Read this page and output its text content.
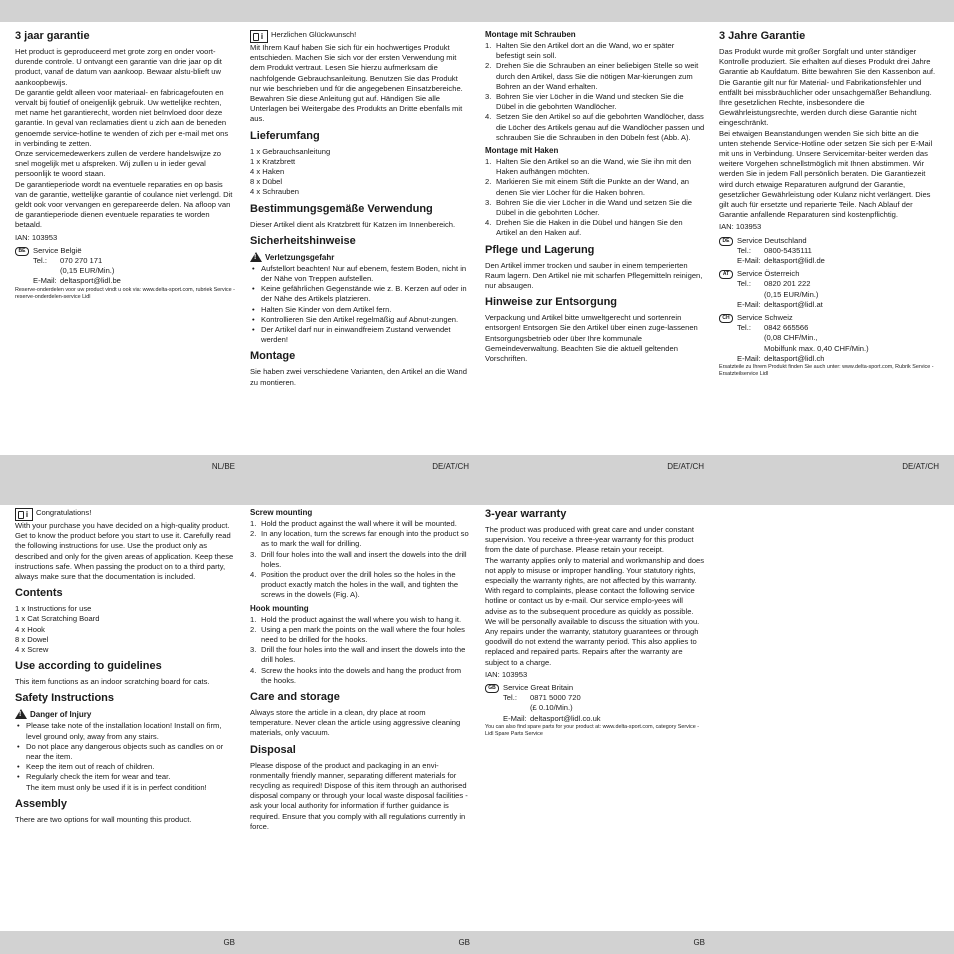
NL/BE	DE/AT/CH	DE/AT/CH	DE/AT/CH
GB	GB	GB
3 jaar garantie

Het product is geproduceerd met grote zorg en onder voort-durende controle. U ontvangt een garantie van drie jaar op dit product, vanaf de datum van aankoop. Bewaar alstu-blieft uw aankoopbewijs.

De garantie geldt alleen voor materiaal- en fabricagefouten en vervalt bij foutief of oneigenlijk gebruik. Uw wettelijke rechten, met name het garantierecht, worden niet beïnvloed door deze garantie. In geval van reclamaties dient u zich aan de beneden genoemde service-hotline te wenden of zich per e-mail met ons in verbinding te zetten.

Onze servicemedewerkers zullen de verdere handelswijze zo snel mogelijk met u afspreken. Wij zullen u in ieder geval persoonlijk te woord staan.

De garantieperiode wordt na eventuele reparaties en op basis van de garantie, wettelijke garantie of coulance niet verlengd. Dit geldt ook voor vervangen en gerepareerde delen. Na afloop van de garantieperiode dienen eventuele reparaties te worden betaald.

IAN: 103953

BE Service België
Tel.:	070 270 171
(0,15 EUR/Min.)
E-Mail: deltasport@lidl.be

Reserve-onderdelen voor uw product vindt u ook via: www.delta-sport.com, rubriek Service - reserve-onderdelen-service Lidl

i Herzlichen Glückwunsch!

Mit Ihrem Kauf haben Sie sich für ein hochwertiges Produkt entschieden. Machen Sie sich vor der ersten Verwendung mit dem Produkt vertraut. Lesen Sie hierzu aufmerksam die nachfolgende Gebrauchsanleitung. Benutzen Sie das Produkt nur wie beschrieben und für die angegebenen Einsatzbereiche. Bewahren Sie diese Anleitung gut auf. Händigen Sie alle Unterlagen bei Weitergabe des Produkts an Dritte ebenfalls mit aus.

Lieferumfang
1 x Gebrauchsanleitung
1 x Kratzbrett
4 x Haken
8 x Dübel
4 x Schrauben
Bestimmungsgemäße Verwendung

Dieser Artikel dient als Kratzbrett für Katzen im Innenbereich.

Sicherheitshinweise
!Verletzungsgefahr
• Aufstellort beachten! Nur auf ebenem, festem Boden, nicht in der Nähe von Treppen aufstellen.
• Keine gefährlichen Gegenstände wie z. B. Kerzen auf oder in der Nähe des Artikels platzieren.
• Halten Sie Kinder von dem Artikel fern.
• Kontrollieren Sie den Artikel regelmäßig auf Abnut-zungen.
• Der Artikel darf nur in einwandfreiem Zustand verwendet werden!
Montage

Sie haben zwei verschiedene Varianten, den Artikel an die Wand zu montieren.

Montage mit Schrauben
1. Halten Sie den Artikel dort an die Wand, wo er später befestigt sein soll.
2. Drehen Sie die Schrauben an einer beliebigen Stelle so weit durch den Artikel, dass Sie die nötigen Mar-kierungen zum Bohren an der Wand erhalten.
3. Bohren Sie vier Löcher in die Wand und stecken Sie die Dübel in die gebohrten Wandlöcher.
4. Setzen Sie den Artikel so auf die gebohrten Wandlöcher, dass die Löcher des Artikels genau auf die Wandlöcher passen und schrauben Sie die Schrauben in den Dübeln fest (Abb. A).
Montage mit Haken
1. Halten Sie den Artikel so an die Wand, wie Sie ihn mit den Haken aufhängen möchten.
2. Markieren Sie mit einem Stift die Punkte an der Wand, an denen Sie vier Löcher für die Haken bohren.
3. Bohren Sie die vier Löcher in die Wand und setzen Sie die Dübel in die gebohrten Löcher.
4. Drehen Sie die Haken in die Dübel und hängen Sie den Artikel an den Haken auf.
Pflege und Lagerung

Den Artikel immer trocken und sauber in einem temperierten Raum lagern. Den Artikel nie mit scharfen Pflegemitteln reinigen, nur absaugen.

Hinweise zur Entsorgung

Verpackung und Artikel bitte umweltgerecht und sortenrein entsorgen! Entsorgen Sie den Artikel über einen zuge-lassenen Entsorgungsbetrieb oder über Ihre kommunale Gemeindeverwaltung. Beachten Sie die aktuell geltenden Vorschriften.

3 Jahre Garantie

Das Produkt wurde mit großer Sorgfalt und unter ständiger Kontrolle produziert. Sie erhalten auf dieses Produkt drei Jahre Garantie ab Kaufdatum. Bitte bewahren Sie den Kassenbon auf.

Die Garantie gilt nur für Material- und Fabrikationsfehler und entfällt bei missbräuchlicher oder unsachgemäßer Behandlung. Ihre gesetzlichen Rechte, insbesondere die Gewährleistungsrechte, werden durch diese Garantie nicht eingeschränkt.

Bei etwaigen Beanstandungen wenden Sie sich bitte an die unten stehende Service-Hotline oder setzen Sie sich per E-Mail mit uns in Verbindung. Unsere Servicemitar-beiter werden das weitere Vorgehen schnellstmöglich mit Ihnen abstimmen. Wir werden Sie in jedem Fall persönlich beraten. Die Garantiezeit wird durch etwaige Reparaturen aufgrund der Garantie, gesetzlicher Gewährleistung oder Kulanz nicht verlängert. Dies gilt auch für ersetzte und reparierte Teile. Nach Ablauf der Garantie anfallende Reparaturen sind kostenpflichtig.

IAN: 103953

DE Service Deutschland
Tel.:	0800-5435111
E-Mail: deltasport@lidl.de
AT	Service Österreich
Tel.:	0820 201 222
(0,15 EUR/Min.)
E-Mail: deltasport@lidl.at
CH Service Schweiz
Tel.:	0842 665566
(0,08 CHF/Min.,
Mobilfunk max. 0,40 CHF/Min.)
E-Mail: deltasport@lidl.ch

Ersatzteile zu Ihrem Produkt finden Sie auch unter: www.delta-sport.com, Rubrik Service - Ersatzteilservice Lidl

i Congratulations!

With your purchase you have decided on a high-quality product. Get to know the product before you start to use it. Carefully read the following instructions for use. Use the product only as described and only for the given areas of application. Keep these instructions safe. When passing the product on to a third party, always make sure that the documentation is included.

Contents
1 x Instructions for use
1 x Cat Scratching Board
4 x Hook
8 x Dowel
4 x Screw
Use according to guidelines

This item functions as an indoor scratching board for cats.

Safety Instructions
!Danger of Injury
• Please take note of the installation location! Install on firm, level ground only, away from any stairs.
• Do not place any dangerous objects such as candles on or near the item.
• Keep the item out of reach of children.
• Regularly check the item for wear and tear.
The item must only be used if it is in perfect condition!
Assembly

There are two options for wall mounting this product.

Screw mounting
1. Hold the product against the wall where it will be mounted.
2. In any location, turn the screws far enough into the product so as to mark the wall for drilling.
3. Drill four holes into the wall and insert the dowels into the drill holes.
4. Position the product over the drill holes so the holes in the product exactly match the holes in the wall, and tighten the screws in the dowels (Fig. A).
Hook mounting
1. Hold the product against the wall where you wish to hang it.
2. Using a pen mark the points on the wall where the four holes need to be drilled for the hooks.
3. Drill the four holes into the wall and insert the dowels into the drill holes.
4. Screw the hooks into the dowels and hang the product from the hooks.
Care and storage

Always store the article in a clean, dry place at room temperature. Never clean the article using aggressive cleaning materials, only vacuum.

Disposal

Please dispose of the product and packaging in an envi-ronmentally friendly manner, separating different materials for recycling as required! Dispose of this item through an authorised disposal company or through your local waste disposal facilities - ask your local authority for information if further guidance is required. Ensure that you comply with all regulations currently in force.

3-year warranty

The product was produced with great care and under constant supervision. You receive a three-year warranty for this product from the date of purchase. Please retain your receipt.

The warranty applies only to material and workmanship and does not apply to misuse or improper handling. Your statutory rights, especially the warranty rights, are not affected by this warranty.

With regard to complaints, please contact the following service hotline or contact us by e-mail. Our service emplo-yees will advise as to the subsequent procedure as quickly as possible. We will be personally available to discuss the situation with you.

Any repairs under the warranty, statutory guarantees or through goodwill do not extend the warranty period. This also applies to replaced and repaired parts. Repairs after the warranty are subject to a charge.

IAN: 103953

GB Service Great Britain
Tel.:	0871 5000 720
(£ 0.10/Min.)
E-Mail: deltasport@lidl.co.uk

You can also find spare parts for your product at: www.delta-sport.com, category Service - Lidl Spare Parts Service
